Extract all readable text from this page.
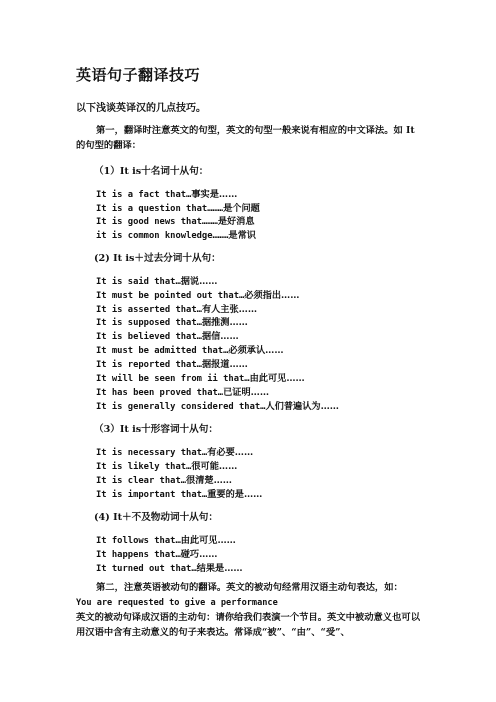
英语句子翻译技巧

以下浅谈英译汉的几点技巧。

第一，翻译时注意英文的句型，英文的句型一般来说有相应的中文译法。如 It 的句型的翻译：

（1）It is十名词十从句：

It is a fact that…事实是……

It is a question that………是个问题

It is good news that………是好消息

it is common knowledge………是常识

(2) It is＋过去分词十从句：

It is said that…据说……

It must be pointed out that…必须指出……

It is asserted that…有人主张……

It is supposed that…据推测……

It is believed that…据信……

It must be admitted that…必须承认……

It is reported that…据报道……

It will be seen from ii that…由此可见……

It has been proved that…已证明……

It is generally considered that…人们普遍认为……

（3）It is十形容词十从句：

It is necessary that…有必要……

It is likely that…很可能……

It is clear that…很清楚……

It is important that…重要的是……

(4) It＋不及物动词十从句：

It follows that…由此可见……

It happens that…碰巧……

It turned out that…结果是……

第二，注意英语被动句的翻译。英文的被动句经常用汉语主动句表达，如：
You are requested to give a performance

英文的被动句译成汉语的主动句：请你给我们表演一个节目。英文中被动意义也可以用汉语中含有主动意义的句子来表达。常译成“被”、“由”、“受”、
